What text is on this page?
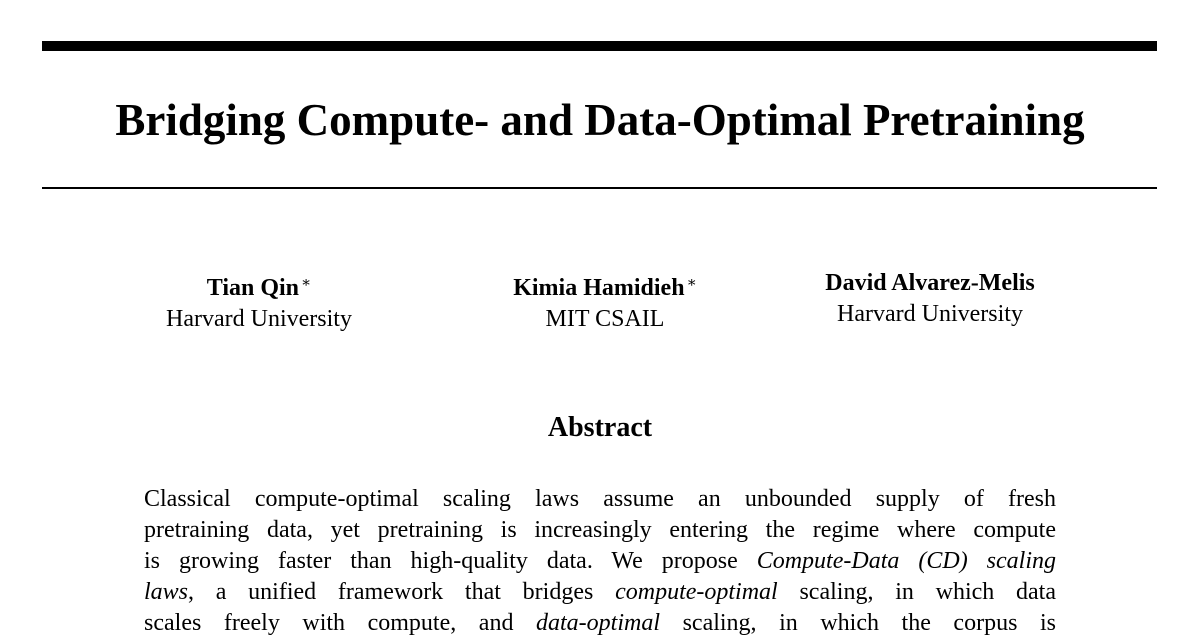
Bridging Compute- and Data-Optimal Pretraining
Tian Qin ∗
Harvard University
Kimia Hamidieh ∗
MIT CSAIL
David Alvarez-Melis
Harvard University
Abstract
Classical compute-optimal scaling laws assume an unbounded supply of fresh
pretraining data, yet pretraining is increasingly entering the regime where compute
is growing faster than high-quality data. We propose Compute-Data (CD) scaling
laws, a unified framework that bridges compute-optimal scaling, in which data
scales freely with compute, and data-optimal scaling, in which the corpus is
